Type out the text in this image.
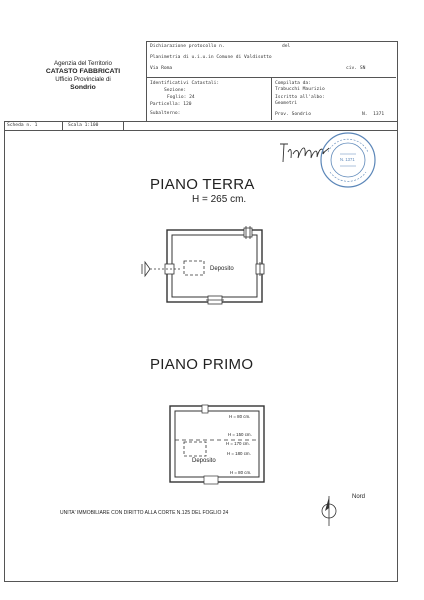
Agenzia del Territorio
CATASTO FABBRICATI
Ufficio Provinciale di
Sondrio
Dichiarazione protocollo n.	del
Planimetria di u.i.u.in Comune di Valdisotto
Via Roma	civ. SN
Identificativi Catastali:
Sezione:
Foglio: 24
Particella: 120
Subalterno:
Compilata da:
Trabucchi Maurizio
Iscritto all'albo:
Geometri
Prov. Sondrio	N.  1371
Scheda n. 1	Scala 1:100
N. 1371
PIANO TERRA
H = 265 cm.
Deposito
PIANO PRIMO
Deposito
H = 80 cm.
H = 150 cm.
H = 170 cm.
H = 180 cm.
H = 80 cm.
Nord
UNITA' IMMOBILIARE CON DIRITTO ALLA CORTE N.125 DEL FOGLIO 24
